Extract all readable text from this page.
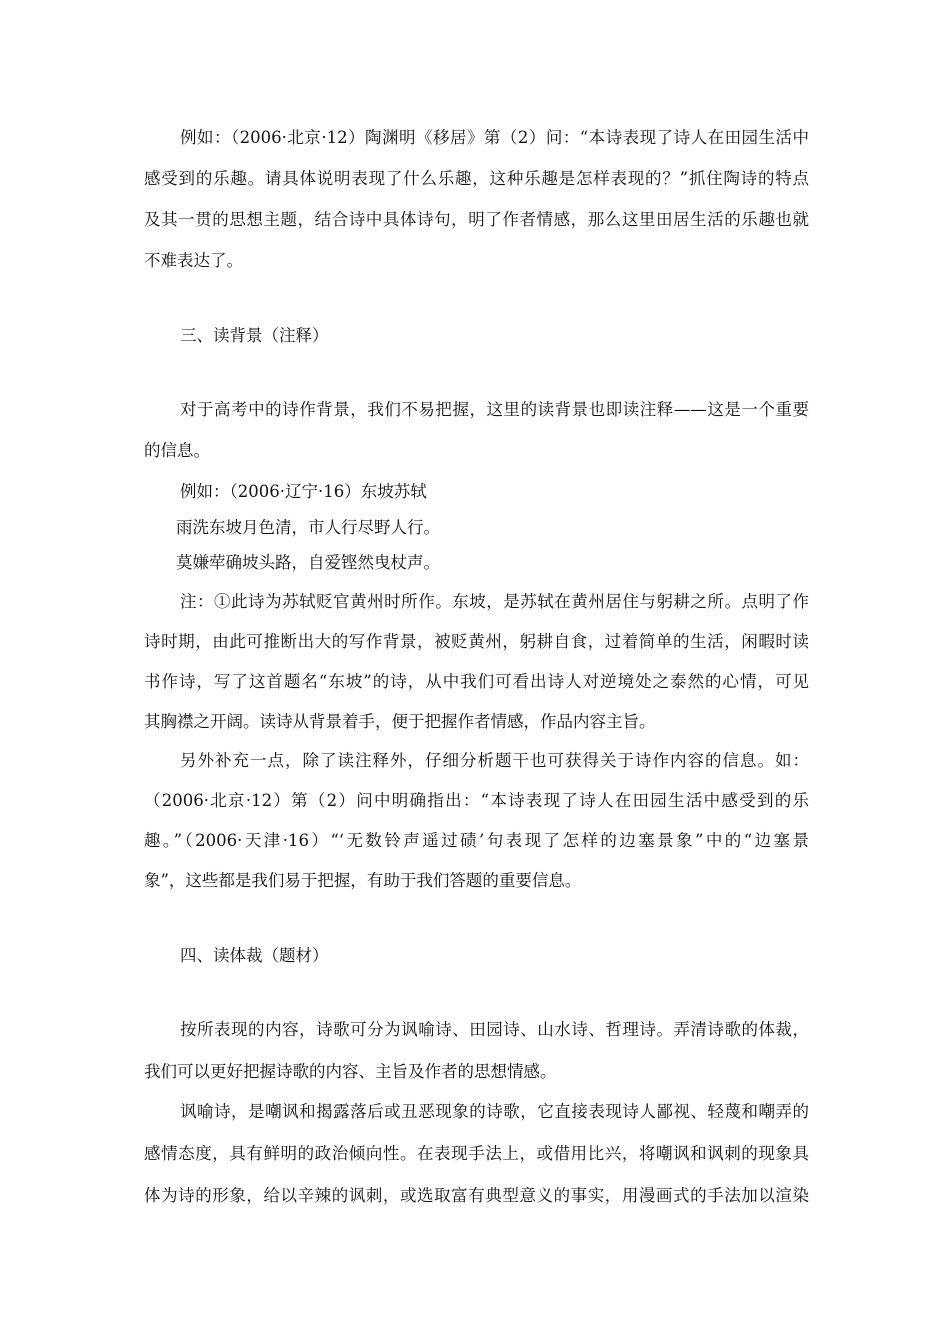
例如：（2006·北京·12）陶渊明《移居》第（2）问：“本诗表现了诗人在田园生活中
感受到的乐趣。请具体说明表现了什么乐趣，这种乐趣是怎样表现的？”抓住陶诗的特点
及其一贯的思想主题，结合诗中具体诗句，明了作者情感，那么这里田居生活的乐趣也就
不难表达了。
三、读背景（注释）
对于高考中的诗作背景，我们不易把握，这里的读背景也即读注释——这是一个重要
的信息。
例如：（2006·辽宁·16）东坡苏轼
雨洗东坡月色清，市人行尽野人行。
莫嫌荦确坡头路，自爱铿然曳杖声。
注：①此诗为苏轼贬官黄州时所作。东坡，是苏轼在黄州居住与躬耕之所。点明了作
诗时期，由此可推断出大的写作背景，被贬黄州，躬耕自食，过着简单的生活，闲暇时读
书作诗，写了这首题名“东坡”的诗，从中我们可看出诗人对逆境处之泰然的心情，可见
其胸襟之开阔。读诗从背景着手，便于把握作者情感，作品内容主旨。
另外补充一点，除了读注释外，仔细分析题干也可获得关于诗作内容的信息。如：
（2006·北京·12）第（2）问中明确指出：“本诗表现了诗人在田园生活中感受到的乐
趣。”（2006·天津·16）“‘无数铃声遥过碛’句表现了怎样的边塞景象”中的“边塞景
象”，这些都是我们易于把握，有助于我们答题的重要信息。
四、读体裁（题材）
按所表现的内容，诗歌可分为讽喻诗、田园诗、山水诗、哲理诗。弄清诗歌的体裁，
我们可以更好把握诗歌的内容、主旨及作者的思想情感。
讽喻诗，是嘲讽和揭露落后或丑恶现象的诗歌，它直接表现诗人鄙视、轻蔑和嘲弄的
感情态度，具有鲜明的政治倾向性。在表现手法上，或借用比兴，将嘲讽和讽刺的现象具
体为诗的形象，给以辛辣的讽刺，或选取富有典型意义的事实，用漫画式的手法加以渲染
